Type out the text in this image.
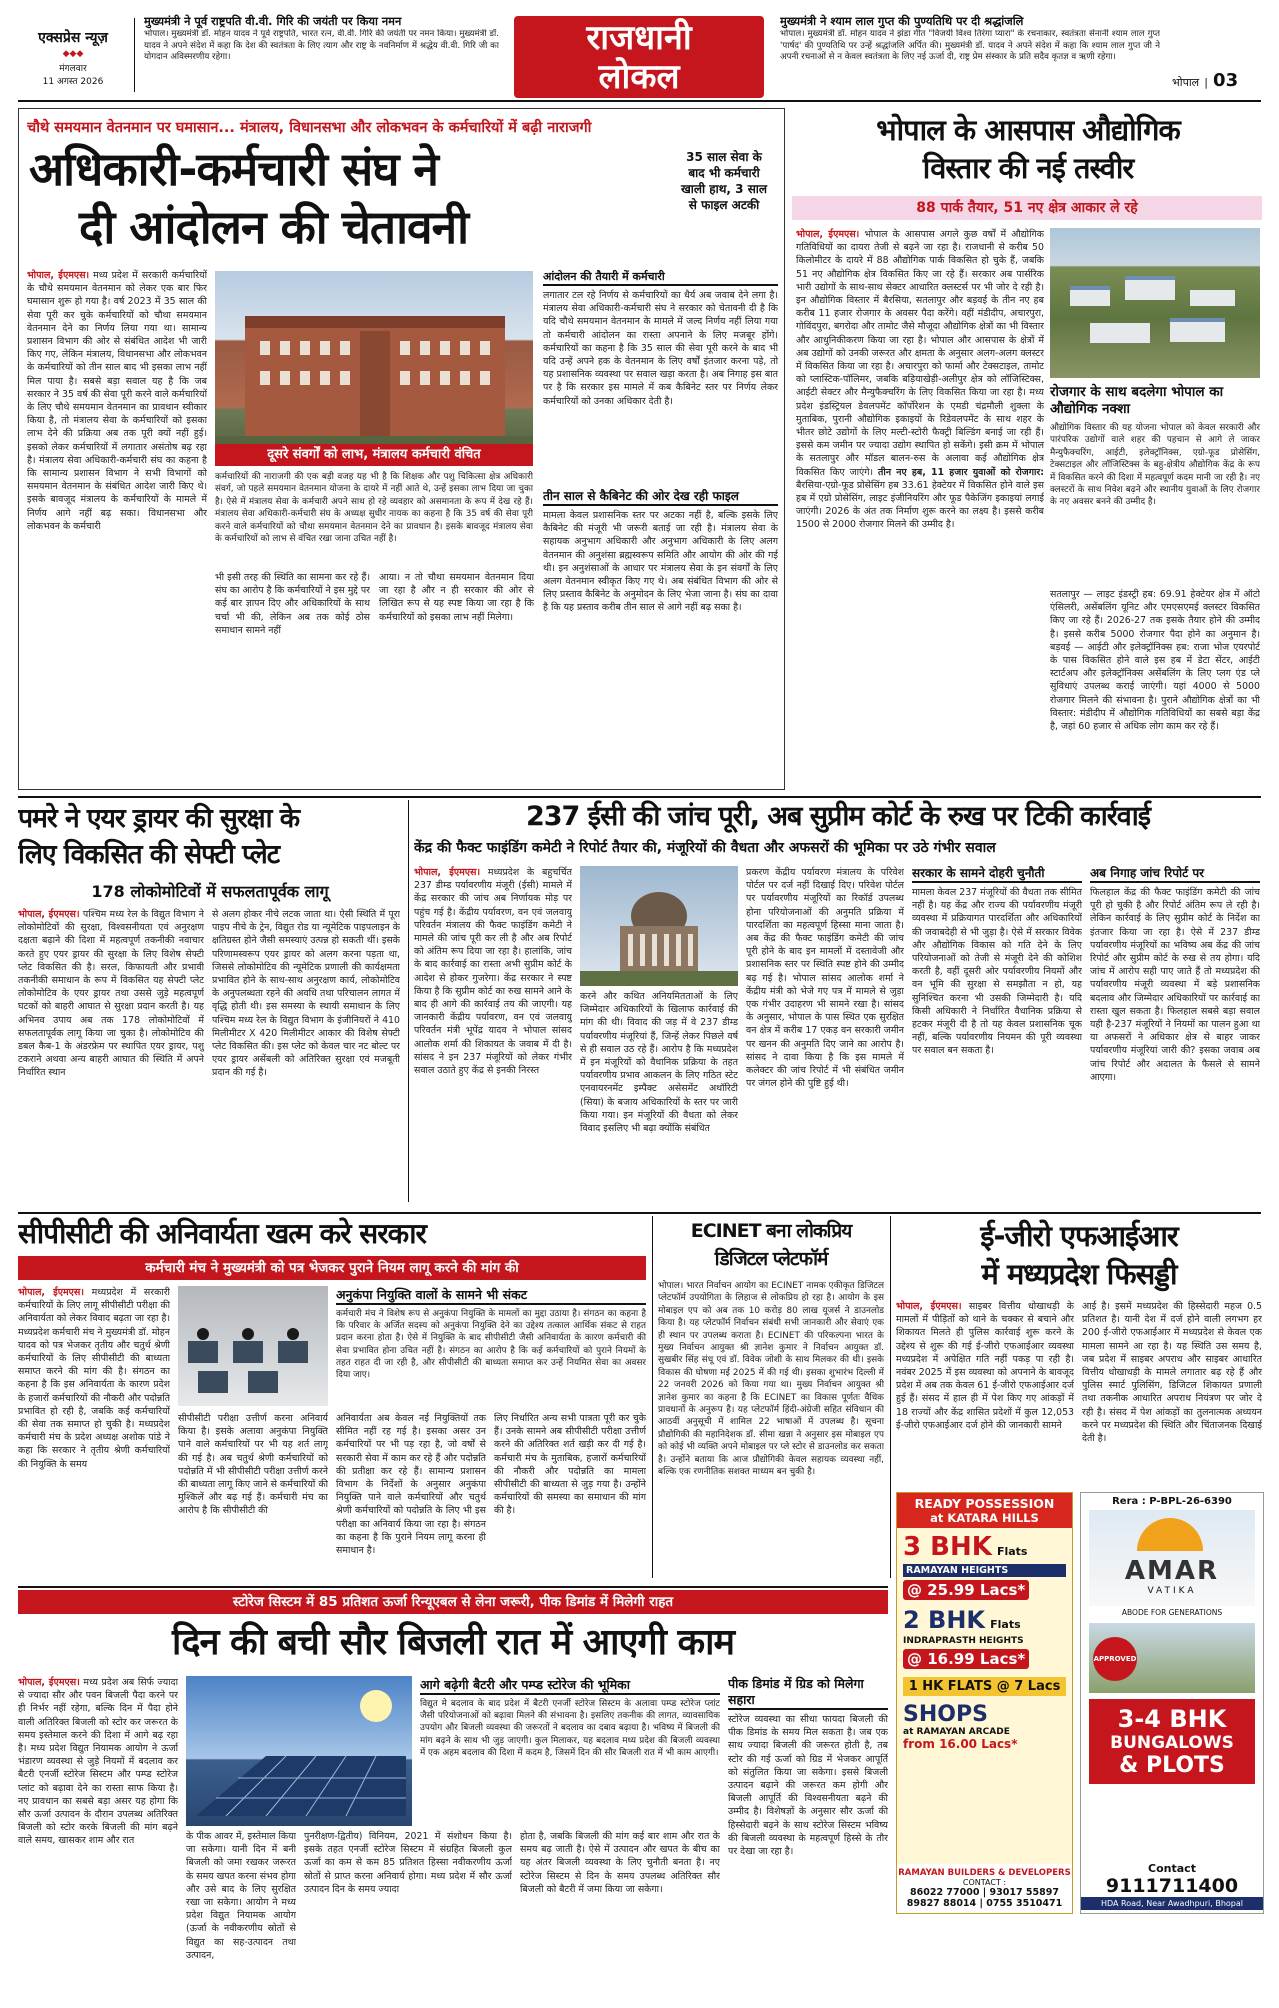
एक्सप्रेस न्यूज़
◆◆◆
मंगलवार
11 अगस्त 2026
मुख्यमंत्री ने पूर्व राष्ट्रपति वी.वी. गिरि की जयंती पर किया नमन
भोपाल। मुख्यमंत्री डॉ. मोहन यादव ने पूर्व राष्ट्रपति, भारत रत्न, वी.वी. गिरि की जयंती पर नमन किया। मुख्यमंत्री डॉ. यादव ने अपने संदेश में कहा कि देश की स्वतंत्रता के लिए त्याग और राष्ट्र के नवनिर्माण में श्रद्धेय वी.वी. गिरि जी का योगदान अविस्मरणीय रहेगा।	राजधानी
लोकल
मुख्यमंत्री ने श्याम लाल गुप्त की पुण्यतिथि पर दी श्रद्धांजलि
भोपाल। मुख्यमंत्री डॉ. मोहन यादव ने झंडा गीत "विजयी विश्व तिरंगा प्यारा" के रचनाकार, स्वतंत्रता सेनानी श्याम लाल गुप्त 'पार्षद' की पुण्यतिथि पर उन्हें श्रद्धांजलि अर्पित की। मुख्यमंत्री डॉ. यादव ने अपने संदेश में कहा कि श्याम लाल गुप्त जी ने अपनी रचनाओं से न केवल स्वतंत्रता के लिए नई ऊर्जा दी, राष्ट्र प्रेम संस्कार के प्रति सदैव कृतज्ञ व ऋणी रहेगा।
भोपाल | 03
चौथे समयमान वेतनमान पर घमासान... मंत्रालय, विधानसभा और लोकभवन के कर्मचारियों में बढ़ी नाराजगी
अधिकारी-कर्मचारी संघ ने
दी आंदोलन की चेतावनी
35 साल सेवा के बाद भी कर्मचारी खाली हाथ, 3 साल से फाइल अटकी
भोपाल, ईएमएस। मध्य प्रदेश में सरकारी कर्मचारियों के चौथे समयमान वेतनमान को लेकर एक बार फिर घमासान शुरू हो गया है। वर्ष 2023 में 35 साल की सेवा पूरी कर चुके कर्मचारियों को चौथा समयमान वेतनमान देने का निर्णय लिया गया था। सामान्य प्रशासन विभाग की ओर से संबंधित आदेश भी जारी किए गए, लेकिन मंत्रालय, विधानसभा और लोकभवन के कर्मचारियों को तीन साल बाद भी इसका लाभ नहीं मिल पाया है। सबसे बड़ा सवाल यह है कि जब सरकार ने 35 वर्ष की सेवा पूरी करने वाले कर्मचारियों के लिए चौथे समयमान वेतनमान का प्रावधान स्वीकार किया है, तो मंत्रालय सेवा के कर्मचारियों को इसका लाभ देने की प्रक्रिया अब तक पूरी क्यों नहीं हुई। इसको लेकर कर्मचारियों में लगातार असंतोष बढ़ रहा है। मंत्रालय सेवा अधिकारी-कर्मचारी संघ का कहना है कि सामान्य प्रशासन विभाग ने सभी विभागों को समयमान वेतनमान के संबंधित आदेश जारी किए थे। इसके बावजूद मंत्रालय के कर्मचारियों के मामले में निर्णय आगे नहीं बढ़ सका। विधानसभा और लोकभवन के कर्मचारी
दूसरे संवर्गों को लाभ, मंत्रालय कर्मचारी वंचित
कर्मचारियों की नाराजगी की एक बड़ी वजह यह भी है कि शिक्षक और पशु चिकित्सा क्षेत्र अधिकारी संवर्ग, जो पहले समयमान वेतनमान योजना के दायरे में नहीं आते थे, उन्हें इसका लाभ दिया जा चुका है। ऐसे में मंत्रालय सेवा के कर्मचारी अपने साथ हो रहे व्यवहार को असमानता के रूप में देख रहे हैं। मंत्रालय सेवा अधिकारी-कर्मचारी संघ के अध्यक्ष सुधीर नायक का कहना है कि 35 वर्ष की सेवा पूरी करने वाले कर्मचारियों को चौथा समयमान वेतनमान देने का प्रावधान है। इसके बावजूद मंत्रालय सेवा के कर्मचारियों को लाभ से वंचित रखा जाना उचित नहीं है।
भी इसी तरह की स्थिति का सामना कर रहे हैं। संघ का आरोप है कि कर्मचारियों ने इस मुद्दे पर कई बार ज्ञापन दिए और अधिकारियों के साथ चर्चा भी की, लेकिन अब तक कोई ठोस समाधान सामने नहीं
आया। न तो चौथा समयमान वेतनमान दिया जा रहा है और न ही सरकार की ओर से लिखित रूप से यह स्पष्ट किया जा रहा है कि कर्मचारियों को इसका लाभ नहीं मिलेगा।
आंदोलन की तैयारी में कर्मचारी
लगातार टल रहे निर्णय से कर्मचारियों का धैर्य अब जवाब देने लगा है। मंत्रालय सेवा अधिकारी-कर्मचारी संघ ने सरकार को चेतावनी दी है कि यदि चौथे समयमान वेतनमान के मामले में जल्द निर्णय नहीं लिया गया तो कर्मचारी आंदोलन का रास्ता अपनाने के लिए मजबूर होंगे। कर्मचारियों का कहना है कि 35 साल की सेवा पूरी करने के बाद भी यदि उन्हें अपने हक के वेतनमान के लिए वर्षों इंतजार करना पड़े, तो यह प्रशासनिक व्यवस्था पर सवाल खड़ा करता है। अब निगाह इस बात पर है कि सरकार इस मामले में कब कैबिनेट स्तर पर निर्णय लेकर कर्मचारियों को उनका अधिकार देती है।
तीन साल से कैबिनेट की ओर देख रही फाइल
मामला केवल प्रशासनिक स्तर पर अटका नहीं है, बल्कि इसके लिए कैबिनेट की मंजूरी भी जरूरी बताई जा रही है। मंत्रालय सेवा के सहायक अनुभाग अधिकारी और अनुभाग अधिकारी के लिए अलग वेतनमान की अनुशंसा ब्रह्मस्वरूप समिति और आयोग की ओर की गई थी। इन अनुशंसाओं के आधार पर मंत्रालय सेवा के इन संवर्गों के लिए अलग वेतनमान स्वीकृत किए गए थे। अब संबंधित विभाग की ओर से लिए प्रस्ताव कैबिनेट के अनुमोदन के लिए भेजा जाना है। संघ का दावा है कि यह प्रस्ताव करीब तीन साल से आगे नहीं बढ़ सका है।
भोपाल के आसपास औद्योगिक
विस्तार की नई तस्वीर
88 पार्क तैयार, 51 नए क्षेत्र आकार ले रहे
भोपाल, ईएमएस। भोपाल के आसपास अगले कुछ वर्षों में औद्योगिक गतिविधियों का दायरा तेजी से बढ़ने जा रहा है। राजधानी से करीब 50 किलोमीटर के दायरे में 88 औद्योगिक पार्क विकसित हो चुके हैं, जबकि 51 नए औद्योगिक क्षेत्र विकसित किए जा रहे हैं। सरकार अब पार्सरिक भारी उद्योगों के साथ-साथ सेक्टर आधारित क्लस्टर्स पर भी जोर दे रही है। इन औद्योगिक विस्तार में बैरसिया, सतलापुर और बड़वई के तीन नए हब करीब 11 हजार रोजगार के अवसर पैदा करेंगे। वहीं मंडीदीप, अचारपुरा, गोविंदपुरा, बगरोदा और तामोट जैसे मौजूदा औद्योगिक क्षेत्रों का भी विस्तार और आधुनिकीकरण किया जा रहा है। भोपाल और आसपास के क्षेत्रों में अब उद्योगों को उनकी जरूरत और क्षमता के अनुसार अलग-अलग क्लस्टर में विकसित किया जा रहा है। अचारपुरा को फार्मा और टेक्सटाइल, तामोट को प्लास्टिक-पॉलिमर, जबकि बड़ियाखेड़ी-अलीपुर क्षेत्र को लॉजिस्टिक्स, आईटी सेक्टर और मैन्युफैक्चरिंग के लिए विकसित किया जा रहा है। मध्य प्रदेश इंडस्ट्रियल डेवलपमेंट कॉर्पोरेशन के एमडी चंद्रमौली शुक्ला के मुताबिक, पुरानी औद्योगिक इकाइयों के रिडेवलपमेंट के साथ शहर के भीतर छोटे उद्योगों के लिए मल्टी-स्टोरी फैक्ट्री बिल्डिंग बनाई जा रही हैं। इससे कम जमीन पर ज्यादा उद्योग स्थापित हो सकेंगे। इसी क्रम में भोपाल के सतलापुर और मॉडल बालन-रुस के अलावा कई औद्योगिक क्षेत्र विकसित किए जाएंगे। तीन नए हब, 11 हजार युवाओं को रोजगार: बैरसिया-एग्रो-फूड प्रोसेसिंग हब 33.61 हेक्टेयर में विकसित होने वाले इस हब में एग्रो प्रोसेसिंग, लाइट इंजीनियरिंग और फूड पैकेजिंग इकाइयां लगाई जाएंगी। 2026 के अंत तक निर्माण शुरू करने का लक्ष्य है। इससे करीब 1500 से 2000 रोजगार मिलने की उम्मीद है।
रोजगार के साथ बदलेगा भोपाल का औद्योगिक नक्शा
औद्योगिक विस्तार की यह योजना भोपाल को केवल सरकारी और पारंपरिक उद्योगों वाले शहर की पहचान से आगे ले जाकर मैन्युफैक्चरिंग, आईटी, इलेक्ट्रॉनिक्स, एग्रो-फूड प्रोसेसिंग, टेक्सटाइल और लॉजिस्टिक्स के बहु-क्षेत्रीय औद्योगिक केंद्र के रूप में विकसित करने की दिशा में महत्वपूर्ण कदम मानी जा रही है। नए क्लस्टरों के साथ निवेश बढ़ने और स्थानीय युवाओं के लिए रोजगार के नए अवसर बनने की उम्मीद है।
सतलापुर — लाइट इंडस्ट्री हब: 69.91 हेक्टेयर क्षेत्र में ऑटो एंसिलरी, असेंबलिंग यूनिट और एमएसएमई क्लस्टर विकसित किए जा रहे हैं। 2026-27 तक इसके तैयार होने की उम्मीद है। इससे करीब 5000 रोजगार पैदा होने का अनुमान है। बड़वई — आईटी और इलेक्ट्रॉनिक्स हब: राजा भोज एयरपोर्ट के पास विकसित होने वाले इस हब में डेटा सेंटर, आईटी स्टार्टअप और इलेक्ट्रॉनिक्स असेंबलिंग के लिए प्लग एंड प्ले सुविधाएं उपलब्ध कराई जाएंगी। यहां 4000 से 5000 रोजगार मिलने की संभावना है। पुराने औद्योगिक क्षेत्रों का भी विस्तार: मंडीदीप में औद्योगिक गतिविधियों का सबसे बड़ा केंद्र है, जहां 60 हजार से अधिक लोग काम कर रहे हैं।
पमरे ने एयर ड्रायर की सुरक्षा के
लिए विकसित की सेफ्टी प्लेट
178 लोकोमोटिवों में सफलतापूर्वक लागू
भोपाल, ईएमएस। पश्चिम मध्य रेल के विद्युत विभाग ने लोकोमोटिवों की सुरक्षा, विश्वसनीयता एवं अनुरक्षण दक्षता बढ़ाने की दिशा में महत्वपूर्ण तकनीकी नवाचार करते हुए एयर ड्रायर की सुरक्षा के लिए विशेष सेफ्टी प्लेट विकसित की है। सरल, किफायती और प्रभावी तकनीकी समाधान के रूप में विकसित यह सेफ्टी प्लेट लोकोमोटिव के एयर ड्रायर तथा उससे जुड़े महत्वपूर्ण घटकों को बाहरी आघात से सुरक्षा प्रदान करती है। यह अभिनव उपाय अब तक 178 लोकोमोटिवों में सफलतापूर्वक लागू किया जा चुका है। लोकोमोटिव की डबल कैब-1 के अंडरफ्रेम पर स्थापित एयर ड्रायर, पशु टकराने अथवा अन्य बाहरी आघात की स्थिति में अपने निर्धारित स्थान
से अलग होकर नीचे लटक जाता था। ऐसी स्थिति में पूरा पाइप नीचे के ट्रेन, विद्युत रोड या न्यूमेटिक पाइपलाइन के क्षतिग्रस्त होने जैसी समस्याएं उत्पन्न हो सकती थीं। इसके परिणामस्वरूप एयर ड्रायर को अलग करना पड़ता था, जिससे लोकोमोटिव की न्यूमेटिक प्रणाली की कार्यक्षमता प्रभावित होने के साथ-साथ अनुरक्षण कार्य, लोकोमोटिव के अनुपलब्धता रहने की अवधि तथा परिचालन लागत में वृद्धि होती थी। इस समस्या के स्थायी समाधान के लिए पश्चिम मध्य रेल के विद्युत विभाग के इंजीनियरों ने 410 मिलीमीटर X 420 मिलीमीटर आकार की विशेष सेफ्टी प्लेट विकसित की। इस प्लेट को केवल चार नट बोल्ट पर एयर ड्रायर असेंबली को अतिरिक्त सुरक्षा एवं मजबूती प्रदान की गई है।
237 ईसी की जांच पूरी, अब सुप्रीम कोर्ट के रुख पर टिकी कार्रवाई
केंद्र की फैक्ट फाइंडिंग कमेटी ने रिपोर्ट तैयार की, मंजूरियों की वैधता और अफसरों की भूमिका पर उठे गंभीर सवाल
भोपाल, ईएमएस। मध्यप्रदेश के बहुचर्चित 237 डीम्ड पर्यावरणीय मंजूरी (ईसी) मामले में केंद्र सरकार की जांच अब निर्णायक मोड़ पर पहुंच गई है। केंद्रीय पर्यावरण, वन एवं जलवायु परिवर्तन मंत्रालय की फैक्ट फाइंडिंग कमेटी ने मामले की जांच पूरी कर ली है और अब रिपोर्ट को अंतिम रूप दिया जा रहा है। हालांकि, जांच के बाद कार्रवाई का रास्ता अभी सुप्रीम कोर्ट के आदेश से होकर गुजरेगा। केंद्र सरकार ने स्पष्ट किया है कि सुप्रीम कोर्ट का रुख सामने आने के बाद ही आगे की कार्रवाई तय की जाएगी। यह जानकारी केंद्रीय पर्यावरण, वन एवं जलवायु परिवर्तन मंत्री भूपेंद्र यादव ने भोपाल सांसद आलोक शर्मा की शिकायत के जवाब में दी है। सांसद ने इन 237 मंजूरियों को लेकर गंभीर सवाल उठाते हुए केंद्र से इनकी निरस्त
करने और कथित अनियमितताओं के लिए जिम्मेदार अधिकारियों के खिलाफ कार्रवाई की मांग की थी। विवाद की जड़ में वे 237 डीम्ड पर्यावरणीय मंजूरियां हैं, जिन्हें लेकर पिछले वर्ष से ही सवाल उठ रहे हैं। आरोप है कि मध्यप्रदेश में इन मंजूरियों को वैधानिक प्रक्रिया के तहत पर्यावरणीय प्रभाव आकलन के लिए गठित स्टेट एनवायरनमेंट इम्पैक्ट असेसमेंट अथॉरिटी (सिया) के बजाय अधिकारियों के स्तर पर जारी किया गया। इन मंजूरियों की वैधता को लेकर विवाद इसलिए भी बढ़ा क्योंकि संबंधित
प्रकरण केंद्रीय पर्यावरण मंत्रालय के परिवेश पोर्टल पर दर्ज नहीं दिखाई दिए। परिवेश पोर्टल पर पर्यावरणीय मंजूरियों का रिकॉर्ड उपलब्ध होना परियोजनाओं की अनुमति प्रक्रिया में पारदर्शिता का महत्वपूर्ण हिस्सा माना जाता है। अब केंद्र की फैक्ट फाइंडिंग कमेटी की जांच पूरी होने के बाद इन मामलों में दस्तावेजी और प्रशासनिक स्तर पर स्थिति स्पष्ट होने की उम्मीद बढ़ गई है। भोपाल सांसद आलोक शर्मा ने केंद्रीय मंत्री को भेजे गए पत्र में मामले से जुड़ा एक गंभीर उदाहरण भी सामने रखा है। सांसद के अनुसार, भोपाल के पास स्थित एक सुरक्षित वन क्षेत्र में करीब 17 एकड़ वन सरकारी जमीन पर खनन की अनुमति दिए जाने का आरोप है। सांसद ने दावा किया है कि इस मामले में कलेक्टर की जांच रिपोर्ट में भी संबंधित जमीन पर जंगल होने की पुष्टि हुई थी।
सरकार के सामने दोहरी चुनौती
मामला केवल 237 मंजूरियों की वैधता तक सीमित नहीं है। यह केंद्र और राज्य की पर्यावरणीय मंजूरी व्यवस्था में प्रक्रियागत पारदर्शिता और अधिकारियों की जवाबदेही से भी जुड़ा है। ऐसे में सरकार विवेक और औद्योगिक विकास को गति देने के लिए परियोजनाओं को तेजी से मंजूरी देने की कोशिश करती है, वहीं दूसरी ओर पर्यावरणीय नियमों और वन भूमि की सुरक्षा से समझौता न हो, यह सुनिश्चित करना भी उसकी जिम्मेदारी है। यदि किसी अधिकारी ने निर्धारित वैधानिक प्रक्रिया से हटकर मंजूरी दी है तो यह केवल प्रशासनिक चूक नहीं, बल्कि पर्यावरणीय नियमन की पूरी व्यवस्था पर सवाल बन सकता है।
अब निगाह जांच रिपोर्ट पर
फिलहाल केंद्र की फैक्ट फाइंडिंग कमेटी की जांच पूरी हो चुकी है और रिपोर्ट अंतिम रूप ले रही है। लेकिन कार्रवाई के लिए सुप्रीम कोर्ट के निर्देश का इंतजार किया जा रहा है। ऐसे में 237 डीम्ड पर्यावरणीय मंजूरियों का भविष्य अब केंद्र की जांच रिपोर्ट और सुप्रीम कोर्ट के रुख से तय होगा। यदि जांच में आरोप सही पाए जाते हैं तो मध्यप्रदेश की पर्यावरणीय मंजूरी व्यवस्था में बड़े प्रशासनिक बदलाव और जिम्मेदार अधिकारियों पर कार्रवाई का रास्ता खुल सकता है। फिलहाल सबसे बड़ा सवाल यही है-237 मंजूरियों ने नियमों का पालन हुआ था या अफसरों ने अधिकार क्षेत्र से बाहर जाकर पर्यावरणीय मंजूरियां जारी की? इसका जवाब अब जांच रिपोर्ट और अदालत के फैसले से सामने आएगा।
सीपीसीटी की अनिवार्यता खत्म करे सरकार
कर्मचारी मंच ने मुख्यमंत्री को पत्र भेजकर पुराने नियम लागू करने की मांग की
भोपाल, ईएमएस। मध्यप्रदेश में सरकारी कर्मचारियों के लिए लागू सीपीसीटी परीक्षा की अनिवार्यता को लेकर विवाद बढ़ता जा रहा है। मध्यप्रदेश कर्मचारी मंच ने मुख्यमंत्री डॉ. मोहन यादव को पत्र भेजकर तृतीय और चतुर्थ श्रेणी कर्मचारियों के लिए सीपीसीटी की बाध्यता समाप्त करने की मांग की है। संगठन का कहना है कि इस अनिवार्यता के कारण प्रदेश के हजारों कर्मचारियों की नौकरी और पदोन्नति प्रभावित हो रही है, जबकि कई कर्मचारियों की सेवा तक समाप्त हो चुकी है। मध्यप्रदेश कर्मचारी मंच के प्रदेश अध्यक्ष अशोक पांडे ने कहा कि सरकार ने तृतीय श्रेणी कर्मचारियों की नियुक्ति के समय
अनुकंपा नियुक्ति वालों के सामने भी संकट
कर्मचारी मंच ने विशेष रूप से अनुकंपा नियुक्ति के मामलों का मुद्दा उठाया है। संगठन का कहना है कि परिवार के अर्जित सदस्य को अनुकंपा नियुक्ति देने का उद्देश्य तत्काल आर्थिक संकट से राहत प्रदान करना होता है। ऐसे में नियुक्ति के बाद सीपीसीटी जैसी अनिवार्यता के कारण कर्मचारी की सेवा प्रभावित होना उचित नहीं है। संगठन का आरोप है कि कई कर्मचारियों को पुराने नियमों के तहत राहत दी जा रही है, और सीपीसीटी की बाध्यता समाप्त कर उन्हें नियमित सेवा का अवसर दिया जाए।
सीपीसीटी परीक्षा उत्तीर्ण करना अनिवार्य किया है। इसके अलावा अनुकंपा नियुक्ति पाने वाले कर्मचारियों पर भी यह शर्त लागू की गई है। अब चतुर्थ श्रेणी कर्मचारियों को पदोन्नति में भी सीपीसीटी परीक्षा उत्तीर्ण करने की बाध्यता लागू किए जाने से कर्मचारियों की मुश्किलें और बढ़ गई हैं। कर्मचारी मंच का आरोप है कि सीपीसीटी की
अनिवार्यता अब केवल नई नियुक्तियों तक सीमित नहीं रह गई है। इसका असर उन कर्मचारियों पर भी पड़ रहा है, जो वर्षों से सरकारी सेवा में काम कर रहे हैं और पदोन्नति की प्रतीक्षा कर रहे हैं। सामान्य प्रशासन विभाग के निर्देशों के अनुसार अनुकंपा नियुक्ति पाने वाले कर्मचारियों और चतुर्थ श्रेणी कर्मचारियों को पदोन्नति के लिए भी इस परीक्षा का अनिवार्य किया जा रहा है। संगठन का कहना है कि पुराने नियम लागू करना ही समाधान है।
लिए निर्धारित अन्य सभी पात्रता पूरी कर चुके हैं। उनके सामने अब सीपीसीटी परीक्षा उत्तीर्ण करने की अतिरिक्त शर्त खड़ी कर दी गई है। कर्मचारी मंच के मुताबिक, हजारों कर्मचारियों की नौकरी और पदोन्नति का मामला सीपीसीटी की बाध्यता से जुड़ गया है। उन्होंने कर्मचारियों की समस्या का समाधान की मांग की है।
ECINET बना लोकप्रिय
डिजिटल प्लेटफॉर्म
भोपाल। भारत निर्वाचन आयोग का ECINET नामक एकीकृत डिजिटल प्लेटफॉर्म उपयोगिता के लिहाज से लोकप्रिय हो रहा है। आयोग के इस मोबाइल एप को अब तक 10 करोड़ 80 लाख यूजर्स ने डाउनलोड किया है। यह प्लेटफॉर्म निर्वाचन संबंधी सभी जानकारी और सेवाएं एक ही स्थान पर उपलब्ध कराता है। ECINET की परिकल्पना भारत के मुख्य निर्वाचन आयुक्त श्री ज्ञानेश कुमार ने निर्वाचन आयुक्त डॉ. सुखबीर सिंह संधू एवं डॉ. विवेक जोशी के साथ मिलकर की थी। इसके विकास की घोषणा मई 2025 में की गई थी। इसका शुभारंभ दिल्ली में 22 जनवरी 2026 को किया गया था। मुख्य निर्वाचन आयुक्त श्री ज्ञानेश कुमार का कहना है कि ECINET का विकास पूर्णतः वैधिक प्रावधानों के अनुरूप है। यह प्लेटफॉर्म हिंदी-अंग्रेजी सहित संविधान की आठवीं अनुसूची में शामिल 22 भाषाओं में उपलब्ध है। सूचना प्रौद्योगिकी की महानिदेशक डॉ. सीमा खन्ना ने अनुसार इस मोबाइल एप को कोई भी व्यक्ति अपने मोबाइल पर प्ले स्टोर से डाउनलोड कर सकता है। उन्होंने बताया कि आज प्रौद्योगिकी केवल सहायक व्यवस्था नहीं, बल्कि एक रणनीतिक सशक्त माध्यम बन चुकी है।
ई-जीरो एफआईआर
में मध्यप्रदेश फिसड्डी
भोपाल, ईएमएस। साइबर वित्तीय धोखाधड़ी के मामलों में पीड़ितों को थाने के चक्कर से बचाने और शिकायत मिलते ही पुलिस कार्रवाई शुरू करने के उद्देश्य से शुरू की गई ई-जीरो एफआईआर व्यवस्था मध्यप्रदेश में अपेक्षित गति नहीं पकड़ पा रही है। नवंबर 2025 में इस व्यवस्था को अपनाने के बावजूद प्रदेश में अब तक केवल 61 ई-जीरो एफआईआर दर्ज हुई हैं। संसद में हाल ही में पेश किए गए आंकड़ों में 18 राज्यों और केंद्र शासित प्रदेशों में कुल 12,053 ई-जीरो एफआईआर दर्ज होने की जानकारी सामने
आई है। इसमें मध्यप्रदेश की हिस्सेदारी महज 0.5 प्रतिशत है। यानी देश में दर्ज होने वाली लगभग हर 200 ई-जीरो एफआईआर में मध्यप्रदेश से केवल एक मामला सामने आ रहा है। यह स्थिति उस समय है, जब प्रदेश में साइबर अपराध और साइबर आधारित वित्तीय धोखाधड़ी के मामले लगातार बढ़ रहे हैं और पुलिस स्मार्ट पुलिसिंग, डिजिटल शिकायत प्रणाली तथा तकनीक आधारित अपराध नियंत्रण पर जोर दे रही है। संसद में पेश आंकड़ों का तुलनात्मक अध्ययन करने पर मध्यप्रदेश की स्थिति और चिंताजनक दिखाई देती है।
READY POSSESSION
at KATARA HILLS
3 BHK Flats
RAMAYAN HEIGHTS
@ 25.99 Lacs*
2 BHK Flats
INDRAPRASTH HEIGHTS
@ 16.99 Lacs*
1 HK FLATS @ 7 Lacs
SHOPS
at RAMAYAN ARCADE
from 16.00 Lacs*
RAMAYAN BUILDERS & DEVELOPERS
CONTACT :
86022 77000 | 93017 55897
89827 88014 | 0755 3510471
Rera : P-BPL-26-6390
AMAR
VATIKA
ABODE FOR GENERATIONS
APPROVED
3-4 BHK
BUNGALOWS
& PLOTS
Contact
9111711400
HDA Road, Near Awadhpuri, Bhopal
स्टोरेज सिस्टम में 85 प्रतिशत ऊर्जा रिन्यूएबल से लेना जरूरी, पीक डिमांड में मिलेगी राहत
दिन की बची सौर बिजली रात में आएगी काम
भोपाल, ईएमएस। मध्य प्रदेश अब सिर्फ ज्यादा से ज्यादा सौर और पवन बिजली पैदा करने पर ही निर्भर नहीं रहेगा, बल्कि दिन में पैदा होने वाली अतिरिक्त बिजली को स्टोर कर जरूरत के समय इस्तेमाल करने की दिशा में आगे बढ़ रहा है। मध्य प्रदेश विद्युत नियामक आयोग ने ऊर्जा भंडारण व्यवस्था से जुड़े नियमों में बदलाव कर बैटरी एनर्जी स्टोरेज सिस्टम और पम्प्ड स्टोरेज प्लांट को बढ़ावा देने का रास्ता साफ किया है। नए प्रावधान का सबसे बड़ा असर यह होगा कि सौर ऊर्जा उत्पादन के दौरान उपलब्ध अतिरिक्त बिजली को स्टोर करके बिजली की मांग बढ़ने वाले समय, खासकर शाम और रात
आगे बढ़ेगी बैटरी और पम्प्ड स्टोरेज की भूमिका
विद्युत मे बदलाव के बाद प्रदेश में बैटरी एनर्जी स्टोरेज सिस्टम के अलावा पम्प्ड स्टोरेज प्लांट जैसी परियोजनाओं को बढ़ावा मिलने की संभावना है। इसलिए तकनीक की लागत, व्यावसायिक उपयोग और बिजली व्यवस्था की जरूरतों ने बदलाव का दबाव बढ़ाया है। भविष्य में बिजली की मांग बढ़ने के साथ भी जुड़ जाएगी। कुल मिलाकर, यह बदलाव मध्य प्रदेश की बिजली व्यवस्था में एक अहम बदलाव की दिशा में कदम है, जिसमें दिन की सौर बिजली रात में भी काम आएगी।
के पीक आवर में, इस्तेमाल किया जा सकेगा। यानी दिन में बनी बिजली को जमा रखकर जरूरत के समय खपत करना संभव होगा और उसे बाद के लिए सुरक्षित रखा जा सकेगा। आयोग ने मध्य प्रदेश विद्युत नियामक आयोग (ऊर्जा के नवीकरणीय स्रोतों से विद्युत का सह-उत्पादन तथा उत्पादन,
पुनरीक्षण-द्वितीय) विनियम, 2021 में संशोधन किया है। इसके तहत एनर्जी स्टोरेज सिस्टम में संग्रहित बिजली कुल ऊर्जा का कम से कम 85 प्रतिशत हिस्सा नवीकरणीय ऊर्जा स्रोतों से प्राप्त करना अनिवार्य होगा। मध्य प्रदेश में सौर ऊर्जा उत्पादन दिन के समय ज्यादा
होता है, जबकि बिजली की मांग कई बार शाम और रात के समय बढ़ जाती है। ऐसे में उत्पादन और खपत के बीच का यह अंतर बिजली व्यवस्था के लिए चुनौती बनता है। नए स्टोरेज सिस्टम से दिन के समय उपलब्ध अतिरिक्त सौर बिजली को बैटरी में जमा किया जा सकेगा।
पीक डिमांड में ग्रिड को मिलेगा सहारा
स्टोरेज व्यवस्था का सीधा फायदा बिजली की पीक डिमांड के समय मिल सकता है। जब एक साथ ज्यादा बिजली की जरूरत होती है, तब स्टोर की गई ऊर्जा को ग्रिड में भेजकर आपूर्ति को संतुलित किया जा सकेगा। इससे बिजली उत्पादन बढ़ाने की जरूरत कम होगी और बिजली आपूर्ति की विश्वसनीयता बढ़ने की उम्मीद है। विशेषज्ञों के अनुसार सौर ऊर्जा की हिस्सेदारी बढ़ने के साथ स्टोरेज सिस्टम भविष्य की बिजली व्यवस्था के महत्वपूर्ण हिस्से के तौर पर देखा जा रहा है।
